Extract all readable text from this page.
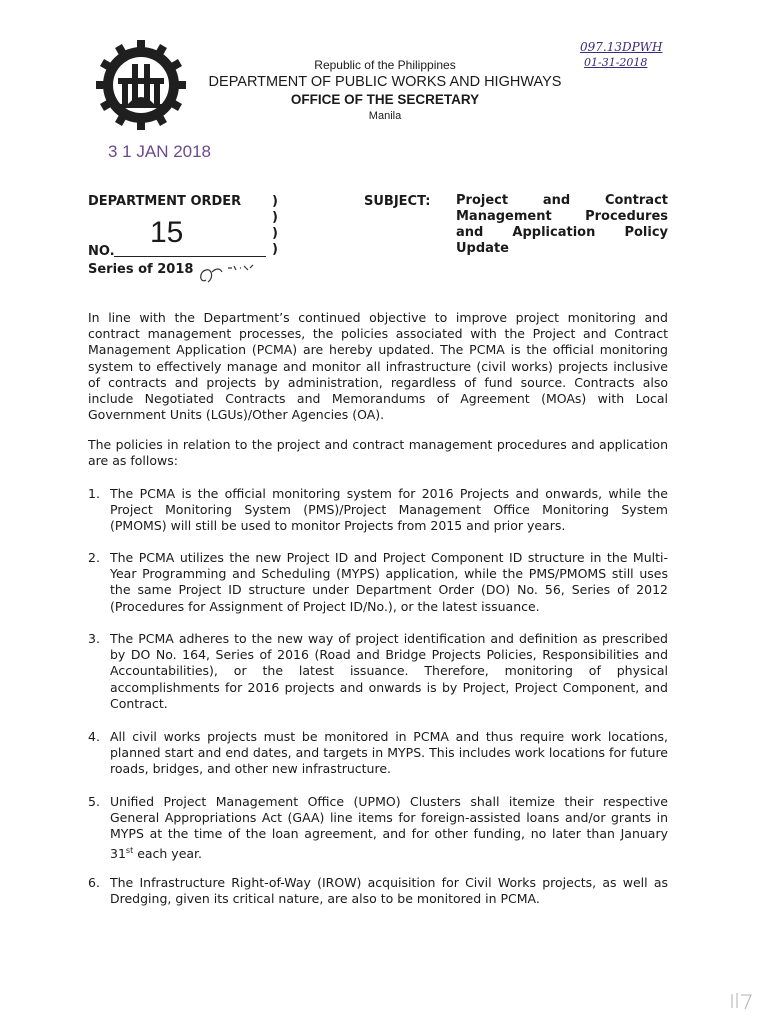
Republic of the Philippines
DEPARTMENT OF PUBLIC WORKS AND HIGHWAYS
OFFICE OF THE SECRETARY
Manila
097.13DPWH
01-31-2018
3 1 JAN 2018
DEPARTMENT ORDER )
)
)
)
15
NO.
Series of 2018
SUBJECT: Project and Contract Management Procedures and Application Policy Update
In line with the Department’s continued objective to improve project monitoring and contract management processes, the policies associated with the Project and Contract Management Application (PCMA) are hereby updated. The PCMA is the official monitoring system to effectively manage and monitor all infrastructure (civil works) projects inclusive of contracts and projects by administration, regardless of fund source. Contracts also include Negotiated Contracts and Memorandums of Agreement (MOAs) with Local Government Units (LGUs)/Other Agencies (OA).
The policies in relation to the project and contract management procedures and application are as follows:
1. The PCMA is the official monitoring system for 2016 Projects and onwards, while the Project Monitoring System (PMS)/Project Management Office Monitoring System (PMOMS) will still be used to monitor Projects from 2015 and prior years.
2. The PCMA utilizes the new Project ID and Project Component ID structure in the Multi-Year Programming and Scheduling (MYPS) application, while the PMS/PMOMS still uses the same Project ID structure under Department Order (DO) No. 56, Series of 2012 (Procedures for Assignment of Project ID/No.), or the latest issuance.
3. The PCMA adheres to the new way of project identification and definition as prescribed by DO No. 164, Series of 2016 (Road and Bridge Projects Policies, Responsibilities and Accountabilities), or the latest issuance. Therefore, monitoring of physical accomplishments for 2016 projects and onwards is by Project, Project Component, and Contract.
4. All civil works projects must be monitored in PCMA and thus require work locations, planned start and end dates, and targets in MYPS. This includes work locations for future roads, bridges, and other new infrastructure.
5. Unified Project Management Office (UPMO) Clusters shall itemize their respective General Appropriations Act (GAA) line items for foreign-assisted loans and/or grants in MYPS at the time of the loan agreement, and for other funding, no later than January 31st each year.
6. The Infrastructure Right-of-Way (IROW) acquisition for Civil Works projects, as well as Dredging, given its critical nature, are also to be monitored in PCMA.
